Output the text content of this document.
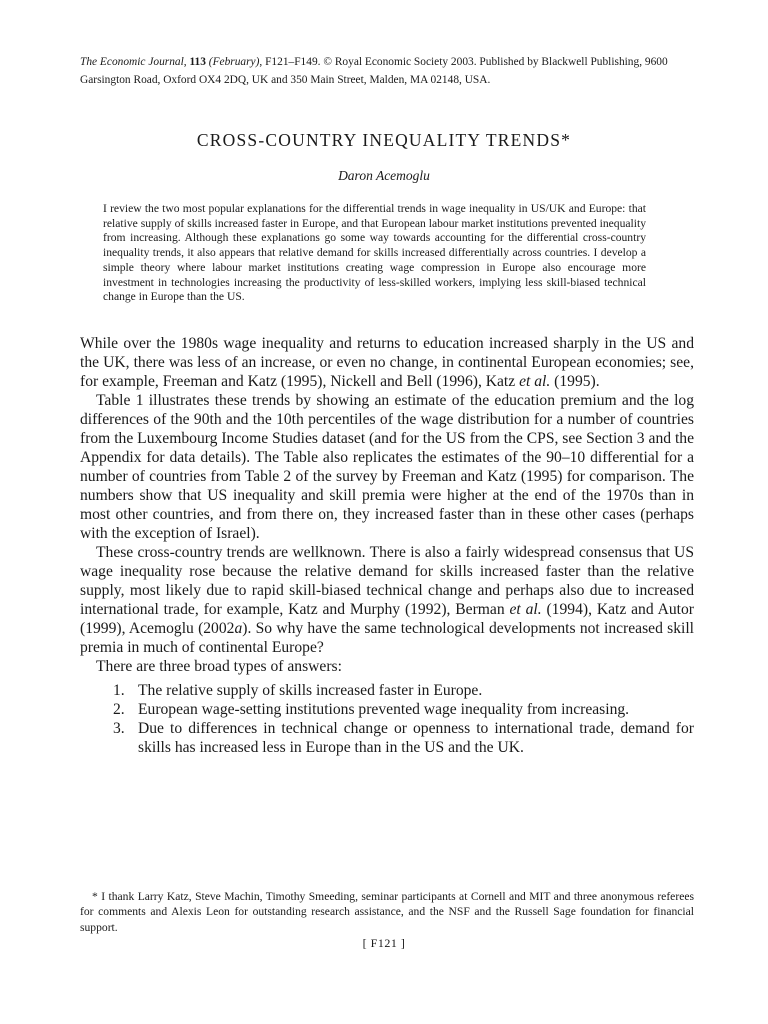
The Economic Journal, 113 (February), F121–F149. © Royal Economic Society 2003. Published by Blackwell Publishing, 9600 Garsington Road, Oxford OX4 2DQ, UK and 350 Main Street, Malden, MA 02148, USA.
CROSS-COUNTRY INEQUALITY TRENDS*
Daron Acemoglu
I review the two most popular explanations for the differential trends in wage inequality in US/UK and Europe: that relative supply of skills increased faster in Europe, and that European labour market institutions prevented inequality from increasing. Although these explanations go some way towards accounting for the differential cross-country inequality trends, it also appears that relative demand for skills increased differentially across countries. I develop a simple theory where labour market institutions creating wage compression in Europe also encourage more investment in technologies increasing the productivity of less-skilled workers, implying less skill-biased technical change in Europe than the US.

While over the 1980s wage inequality and returns to education increased sharply in the US and the UK, there was less of an increase, or even no change, in continental European economies; see, for example, Freeman and Katz (1995), Nickell and Bell (1996), Katz et al. (1995).

Table 1 illustrates these trends by showing an estimate of the education premium and the log differences of the 90th and the 10th percentiles of the wage distribution for a number of countries from the Luxembourg Income Studies dataset (and for the US from the CPS, see Section 3 and the Appendix for data details). The Table also replicates the estimates of the 90–10 differential for a number of countries from Table 2 of the survey by Freeman and Katz (1995) for comparison. The numbers show that US inequality and skill premia were higher at the end of the 1970s than in most other countries, and from there on, they increased faster than in these other cases (perhaps with the exception of Israel).

These cross-country trends are wellknown. There is also a fairly widespread consensus that US wage inequality rose because the relative demand for skills increased faster than the relative supply, most likely due to rapid skill-biased technical change and perhaps also due to increased international trade, for example, Katz and Murphy (1992), Berman et al. (1994), Katz and Autor (1999), Acemoglu (2002a). So why have the same technological developments not increased skill premia in much of continental Europe?

There are three broad types of answers:

1. The relative supply of skills increased faster in Europe.
2. European wage-setting institutions prevented wage inequality from increasing.
3. Due to differences in technical change or openness to international trade, demand for skills has increased less in Europe than in the US and the UK.
* I thank Larry Katz, Steve Machin, Timothy Smeeding, seminar participants at Cornell and MIT and three anonymous referees for comments and Alexis Leon for outstanding research assistance, and the NSF and the Russell Sage foundation for financial support.
[ F121 ]
